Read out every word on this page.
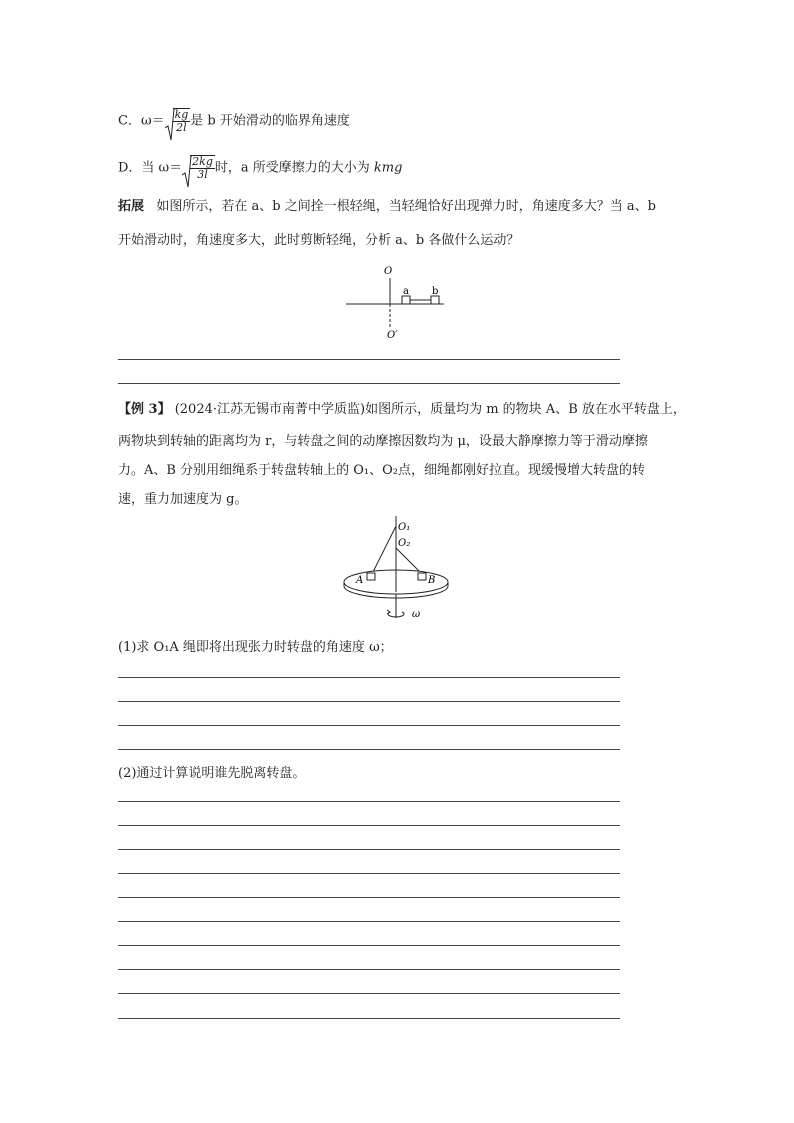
C．$\omega= \frac{kg}{2l}$ 是 b 开始滑动的临界角速度
D．当 $\omega= \frac{2kg}{3l}$ 时，a 所受摩擦力的大小为 kmg
拓展 如图所示，若在 a、b 之间拴一根轻绳，当轻绳恰好出现弹力时，角速度多大？当 a、b
开始滑动时，角速度多大，此时剪断轻绳，分析 a、b 各做什么运动？
O
a b
O′
【例 3】 (2024·江苏无锡市南菁中学质监)如图所示，质量均为 m 的物块 A、B 放在水平转盘上，
两物块到转轴的距离均为 r，与转盘之间的动摩擦因数均为 μ，设最大静摩擦力等于滑动摩擦
力。A、B 分别用细绳系于转盘转轴上的 O₁、O₂点，细绳都刚好拉直。现缓慢增大转盘的转
速，重力加速度为 g。
O₁
O₂
A	B
ω
(1)求 O₁A 绳即将出现张力时转盘的角速度 ω；
(2)通过计算说明谁先脱离转盘。
